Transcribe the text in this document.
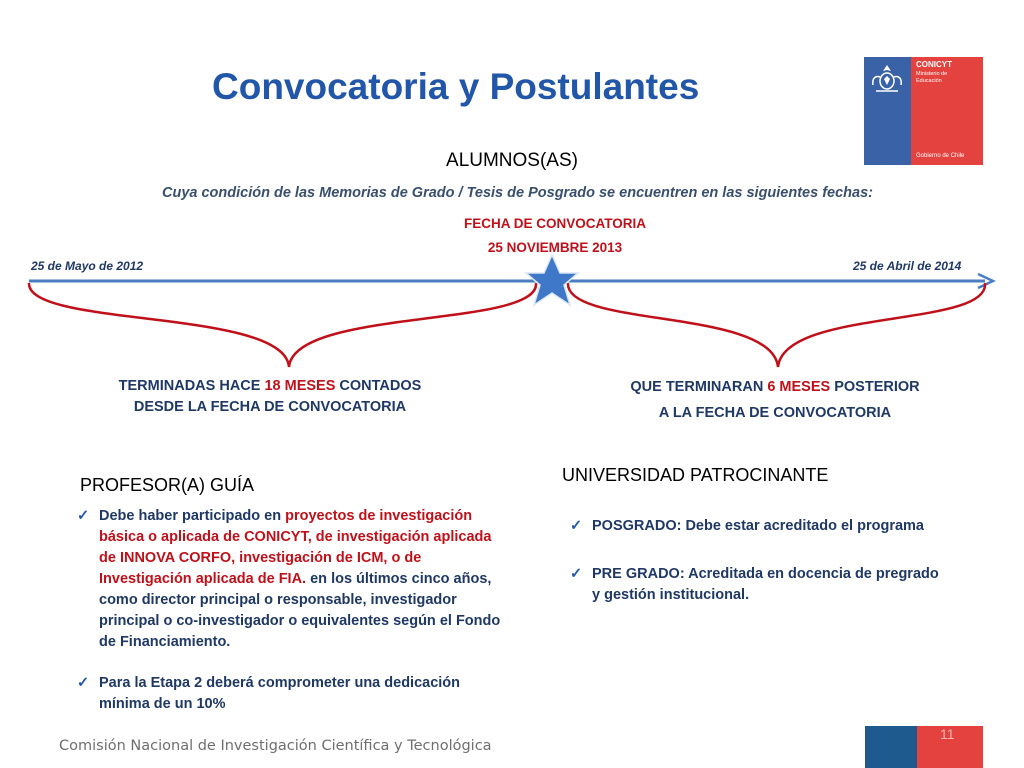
Convocatoria y Postulantes
CONICYT
Ministerio de Educación
Gobierno de Chile
ALUMNOS(AS)
Cuya condición de las Memorias de Grado / Tesis de Posgrado se encuentren en las siguientes fechas:
FECHA DE CONVOCATORIA
25 NOVIEMBRE 2013
25 de Mayo de 2012	25 de Abril de 2014
TERMINADAS HACE 18 MESES CONTADOS
DESDE LA FECHA DE CONVOCATORIA
QUE TERMINARAN 6 MESES POSTERIOR
A LA FECHA DE CONVOCATORIA
PROFESOR(A) GUÍA
✓ Debe haber participado en proyectos de investigación básica o aplicada de CONICYT, de investigación aplicada de INNOVA CORFO, investigación de ICM, o de Investigación aplicada de FIA. en los últimos cinco años, como director principal o responsable, investigador principal o co-investigador o equivalentes según el Fondo de Financiamiento.
✓ Para la Etapa 2 deberá comprometer una dedicación mínima de un 10%
UNIVERSIDAD PATROCINANTE
✓ POSGRADO: Debe estar acreditado el programa
✓ PRE GRADO: Acreditada en docencia de pregrado y gestión institucional.
Comisión Nacional de Investigación Científica y Tecnológica
11
